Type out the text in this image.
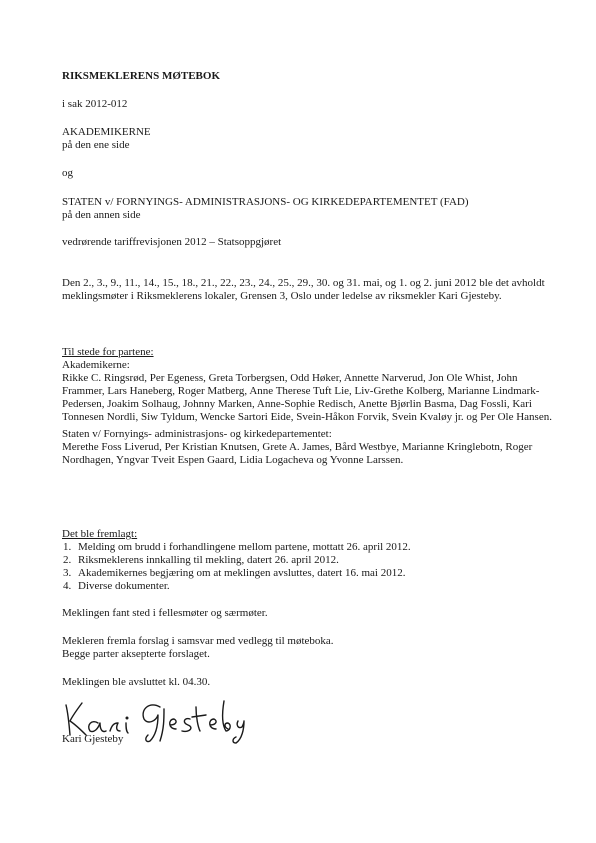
RIKSMEKLERENS MØTEBOK
i sak 2012-012
AKADEMIKERNE
på den ene side
og
STATEN v/ FORNYINGS- ADMINISTRASJONS- OG KIRKEDEPARTEMENTET (FAD)
på den annen side
vedrørende tariffrevisjonen 2012 – Statsoppgjøret
Den 2., 3., 9., 11., 14., 15., 18., 21., 22., 23., 24., 25., 29., 30. og 31. mai, og 1. og 2. juni 2012 ble det avholdt meklingsmøter i Riksmeklerens lokaler, Grensen 3, Oslo under ledelse av riksmekler Kari Gjesteby.
Til stede for partene:
Akademikerne:
Rikke C. Ringsrød, Per Egeness, Greta Torbergsen, Odd Høker, Annette Narverud, Jon Ole Whist, John Frammer, Lars Haneberg, Roger Matberg, Anne Therese Tuft Lie, Liv-Grethe Kolberg, Marianne Lindmark-Pedersen, Joakim Solhaug, Johnny Marken, Anne-Sophie Redisch, Anette Bjørlin Basma, Dag Fossli, Kari Tonnesen Nordli, Siw Tyldum, Wencke Sartori Eide, Svein-Håkon Forvik, Svein Kvaløy jr. og Per Ole Hansen.
Staten v/ Fornyings- administrasjons- og kirkedepartementet:
Merethe Foss Liverud, Per Kristian Knutsen, Grete A. James, Bård Westbye, Marianne Kringlebotn, Roger Nordhagen, Yngvar Tveit Espen Gaard, Lidia Logacheva og Yvonne Larssen.
Det ble fremlagt:
1. Melding om brudd i forhandlingene mellom partene, mottatt 26. april 2012.
2. Riksmeklerens innkalling til mekling, datert 26. april 2012.
3. Akademikernes begjæring om at meklingen avsluttes, datert 16. mai 2012.
4. Diverse dokumenter.
Meklingen fant sted i fellesmøter og særmøter.
Mekleren fremla forslag i samsvar med vedlegg til møteboka.
Begge parter aksepterte forslaget.
Meklingen ble avsluttet kl. 04.30.
Kari Gjesteby
